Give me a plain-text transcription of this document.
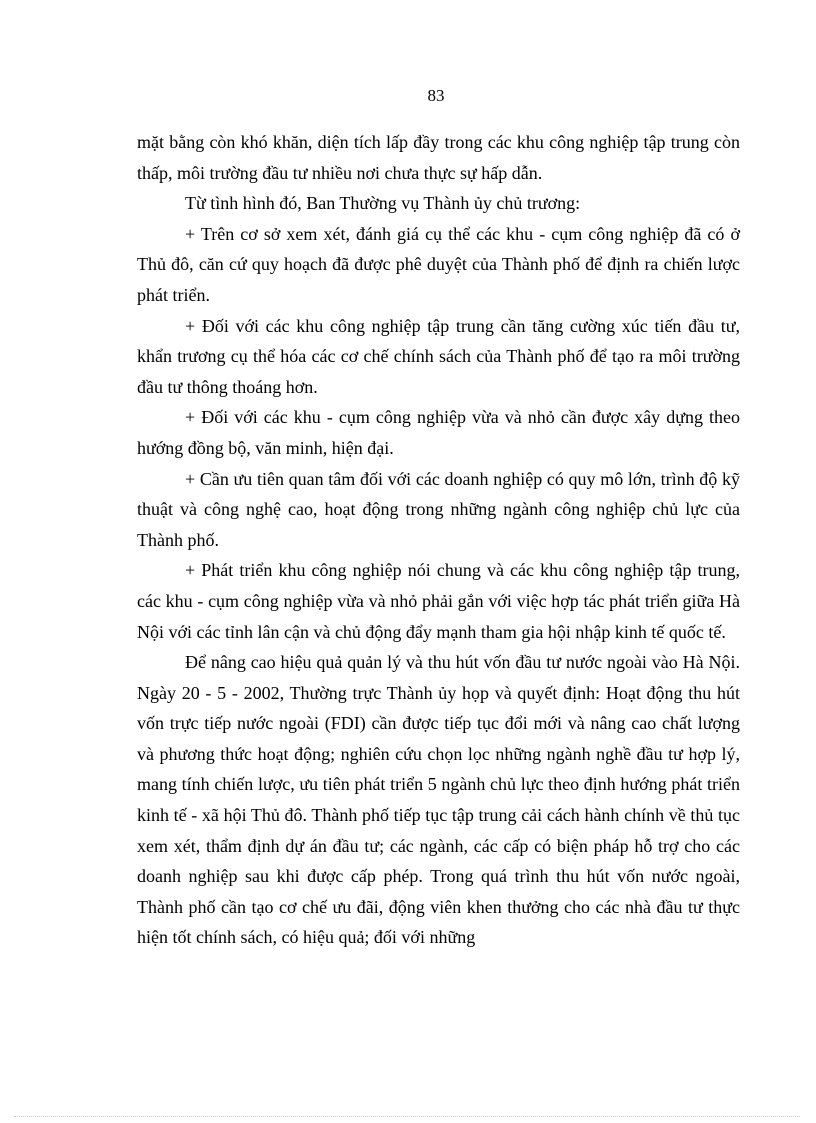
83

mặt bằng còn khó khăn, diện tích lấp đầy trong các khu công nghiệp tập trung còn thấp, môi trường đầu tư nhiều nơi chưa thực sự hấp dẫn.

Từ tình hình đó, Ban Thường vụ Thành ủy chủ trương:

+ Trên cơ sở xem xét, đánh giá cụ thể các khu - cụm công nghiệp đã có ở Thủ đô, căn cứ quy hoạch đã được phê duyệt của Thành phố để định ra chiến lược phát triển.

+ Đối với các khu công nghiệp tập trung cần tăng cường xúc tiến đầu tư, khẩn trương cụ thể hóa các cơ chế chính sách của Thành phố để tạo ra môi trường đầu tư thông thoáng hơn.

+ Đối với các khu - cụm công nghiệp vừa và nhỏ cần được xây dựng theo hướng đồng bộ, văn minh, hiện đại.

+ Cần ưu tiên quan tâm đối với các doanh nghiệp có quy mô lớn, trình độ kỹ thuật và công nghệ cao, hoạt động trong những ngành công nghiệp chủ lực của Thành phố.

+ Phát triển khu công nghiệp nói chung và các khu công nghiệp tập trung, các khu - cụm công nghiệp vừa và nhỏ phải gắn với việc hợp tác phát triển giữa Hà Nội với các tỉnh lân cận và chủ động đẩy mạnh tham gia hội nhập kinh tế quốc tế.

Để nâng cao hiệu quả quản lý và thu hút vốn đầu tư nước ngoài vào Hà Nội. Ngày 20 - 5 - 2002, Thường trực Thành ủy họp và quyết định: Hoạt động thu hút vốn trực tiếp nước ngoài (FDI) cần được tiếp tục đổi mới và nâng cao chất lượng và phương thức hoạt động; nghiên cứu chọn lọc những ngành nghề đầu tư hợp lý, mang tính chiến lược, ưu tiên phát triển 5 ngành chủ lực theo định hướng phát triển kinh tế - xã hội Thủ đô. Thành phố tiếp tục tập trung cải cách hành chính về thủ tục xem xét, thẩm định dự án đầu tư; các ngành, các cấp có biện pháp hỗ trợ cho các doanh nghiệp sau khi được cấp phép. Trong quá trình thu hút vốn nước ngoài, Thành phố cần tạo cơ chế ưu đãi, động viên khen thưởng cho các nhà đầu tư thực hiện tốt chính sách, có hiệu quả; đối với những
